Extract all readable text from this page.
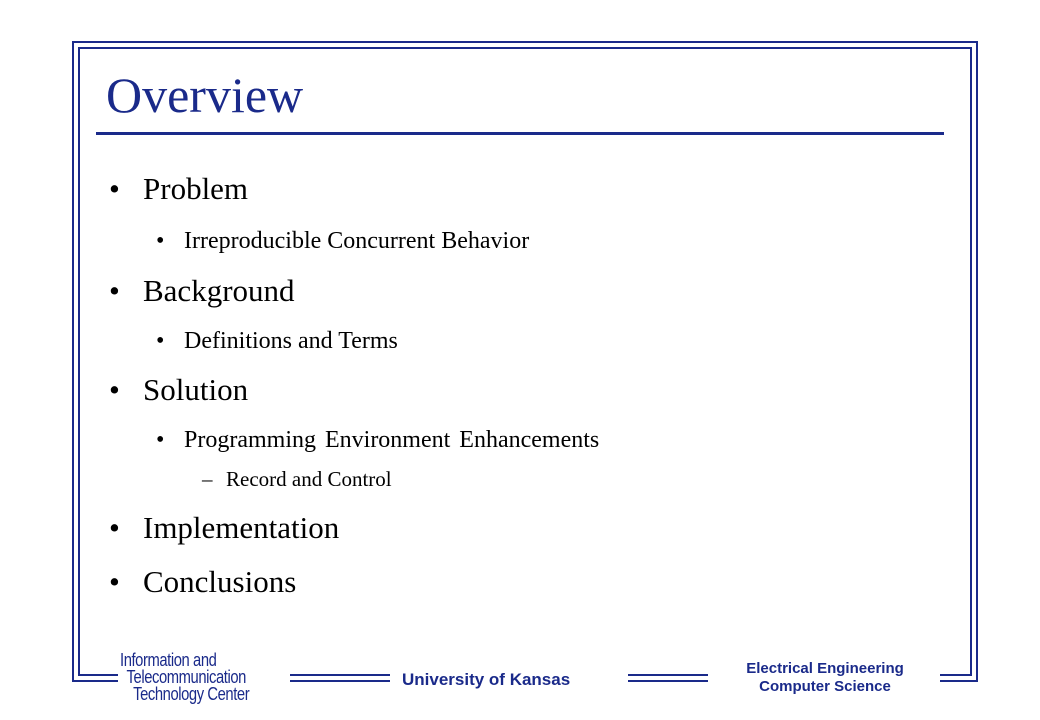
Overview
• Problem
• Irreproducible Concurrent Behavior
• Background
• Definitions and Terms
• Solution
• Programming Environment Enhancements
– Record and Control
• Implementation
• Conclusions
Information and
Telecommunication
Technology Center
University of Kansas
Electrical Engineering
Computer Science
